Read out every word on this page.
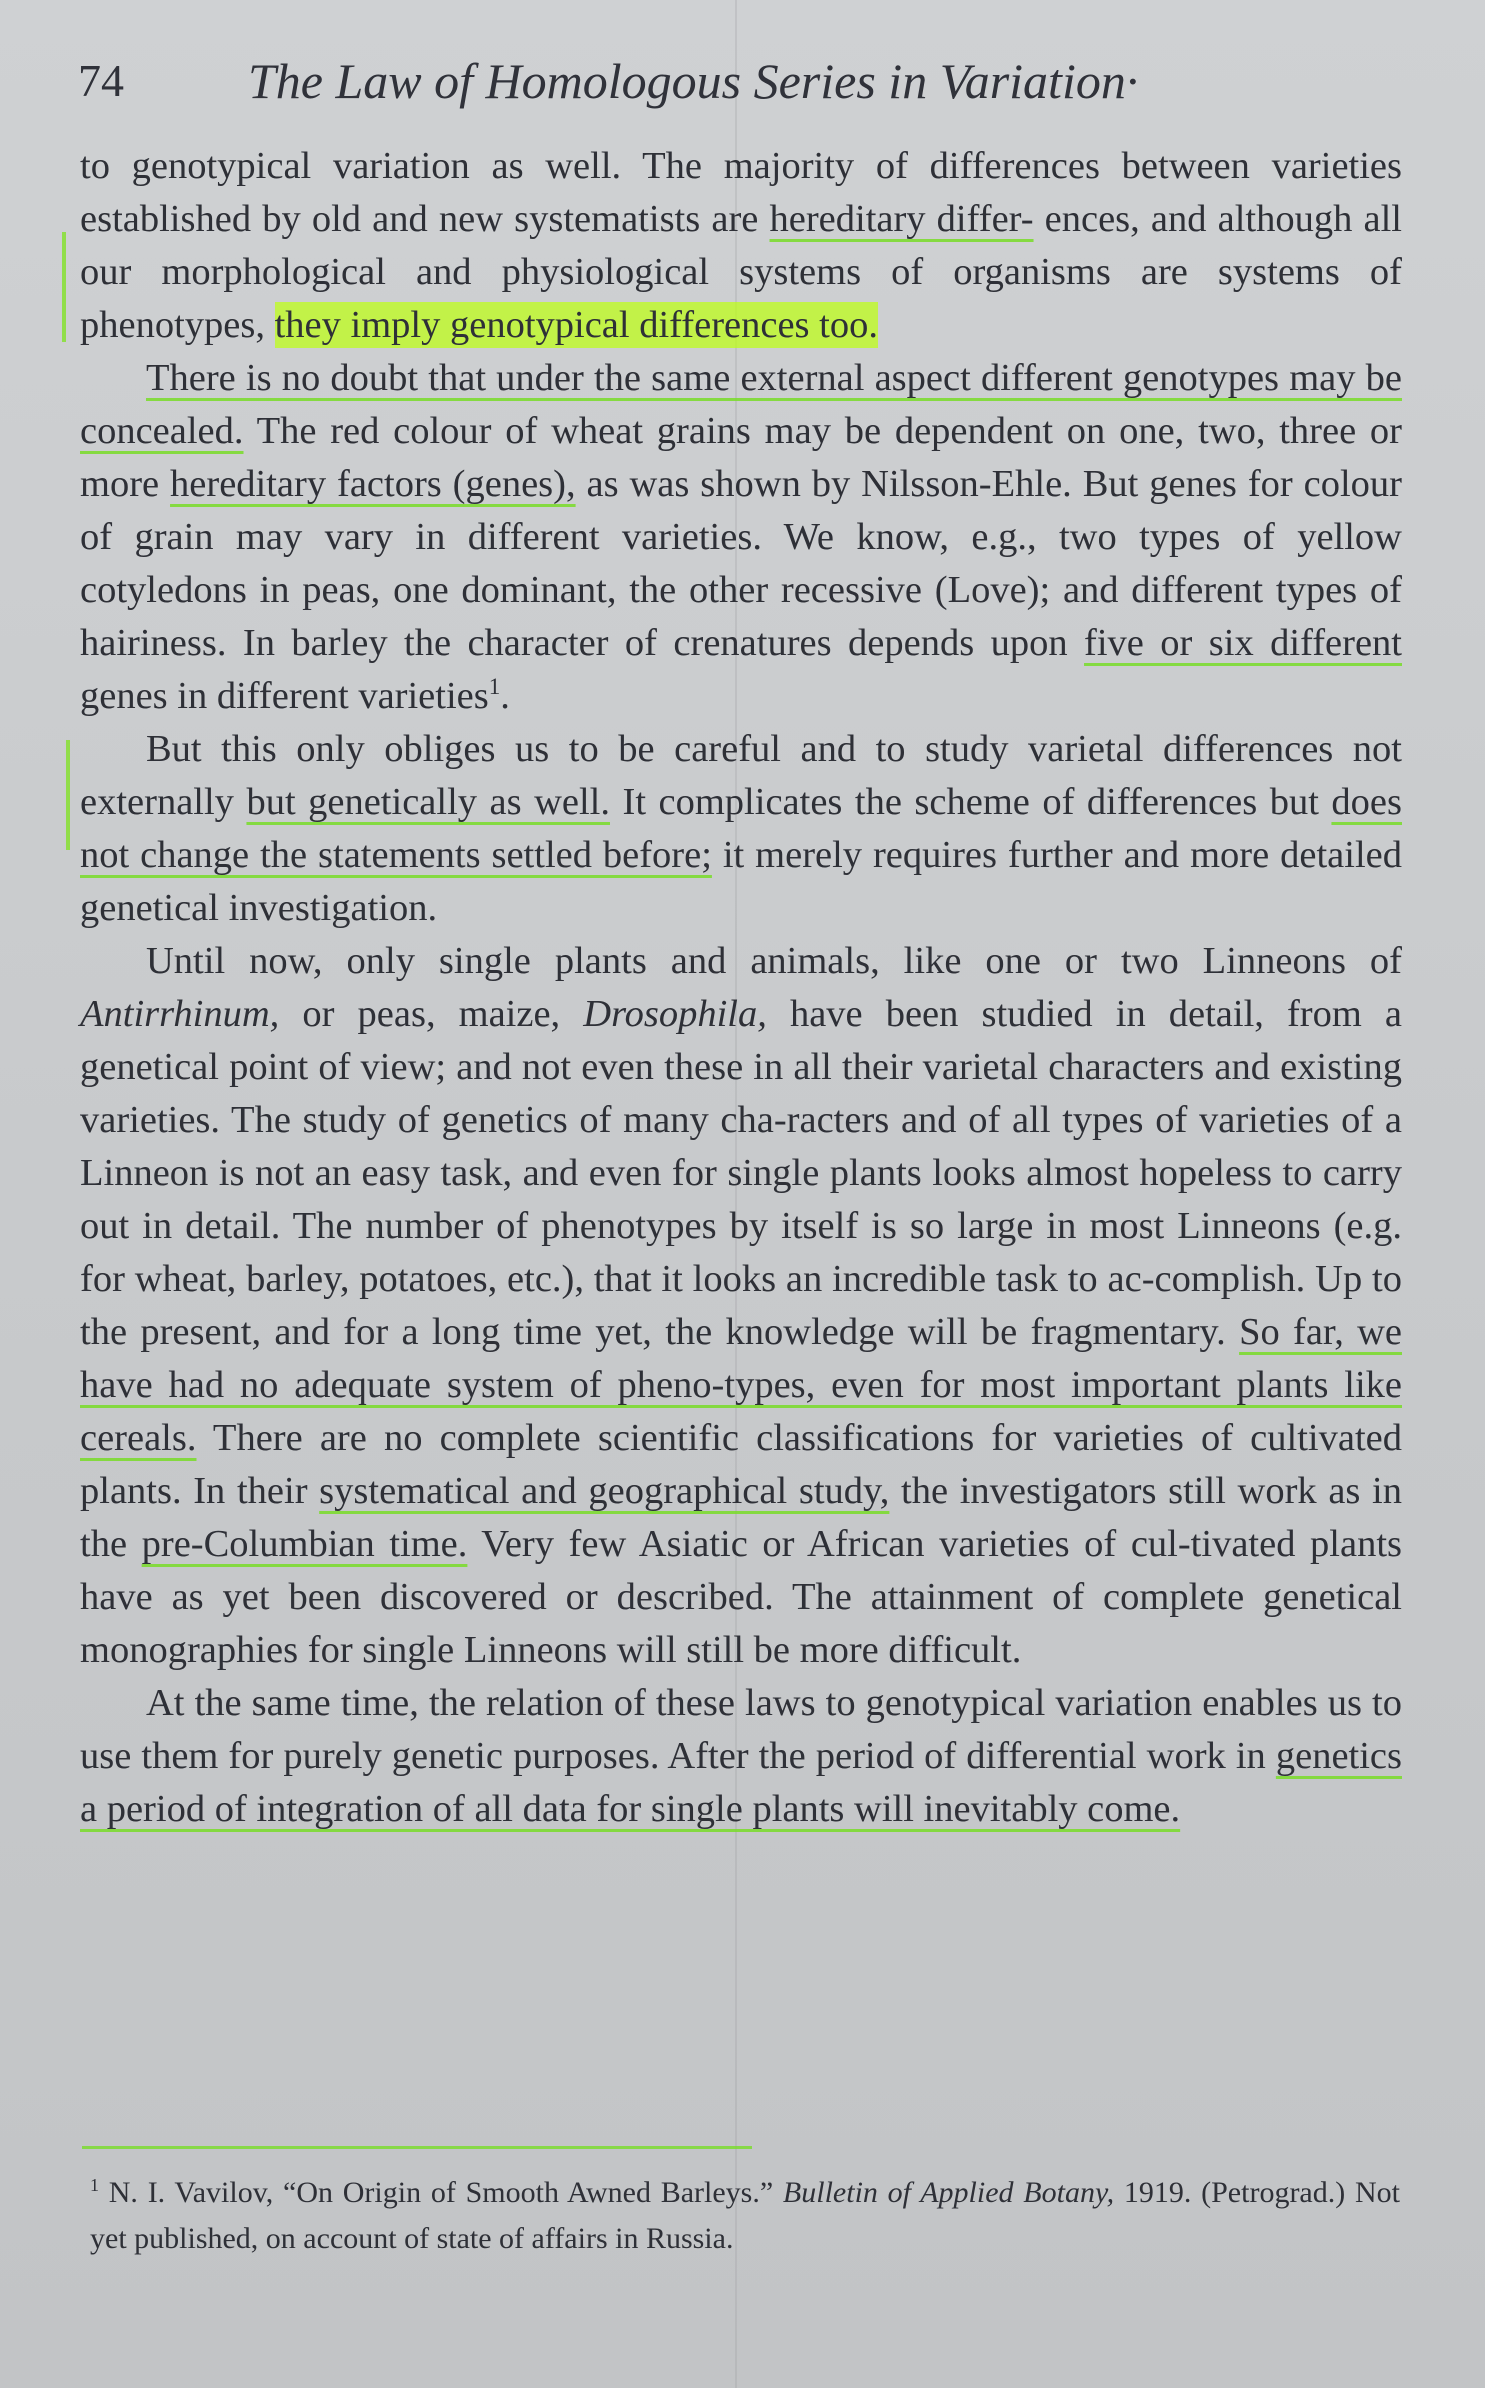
74 The Law of Homologous Series in Variation·

to genotypical variation as well. The majority of differences between varieties established by old and new systematists are hereditary differ- ences, and although all our morphological and physiological systems of organisms are systems of phenotypes, they imply genotypical differences too.

There is no doubt that under the same external aspect different genotypes may be concealed. The red colour of wheat grains may be dependent on one, two, three or more hereditary factors (genes), as was shown by Nilsson-Ehle. But genes for colour of grain may vary in different varieties. We know, e.g., two types of yellow cotyledons in peas, one dominant, the other recessive (Love); and different types of hairiness. In barley the character of crenatures depends upon five or six different genes in different varieties$^1$.

But this only obliges us to be careful and to study varietal differences not externally but genetically as well. It complicates the scheme of differences but does not change the statements settled before; it merely requires further and more detailed genetical investigation.

Until now, only single plants and animals, like one or two Linneons of Antirrhinum, or peas, maize, Drosophila, have been studied in detail, from a genetical point of view; and not even these in all their varietal characters and existing varieties. The study of genetics of many cha-racters and of all types of varieties of a Linneon is not an easy task, and even for single plants looks almost hopeless to carry out in detail. The number of phenotypes by itself is so large in most Linneons (e.g. for wheat, barley, potatoes, etc.), that it looks an incredible task to ac-complish. Up to the present, and for a long time yet, the knowledge will be fragmentary. So far, we have had no adequate system of pheno-types, even for most important plants like cereals. There are no complete scientific classifications for varieties of cultivated plants. In their systematical and geographical study, the investigators still work as in the pre-Columbian time. Very few Asiatic or African varieties of cul-tivated plants have as yet been discovered or described. The attainment of complete genetical monographies for single Linneons will still be more difficult.

At the same time, the relation of these laws to genotypical variation enables us to use them for purely genetic purposes. After the period of differential work in genetics a period of integration of all data for single plants will inevitably come.

$^1$ N. I. Vavilov, “On Origin of Smooth Awned Barleys.” Bulletin of Applied Botany, 1919. (Petrograd.) Not yet published, on account of state of affairs in Russia.
